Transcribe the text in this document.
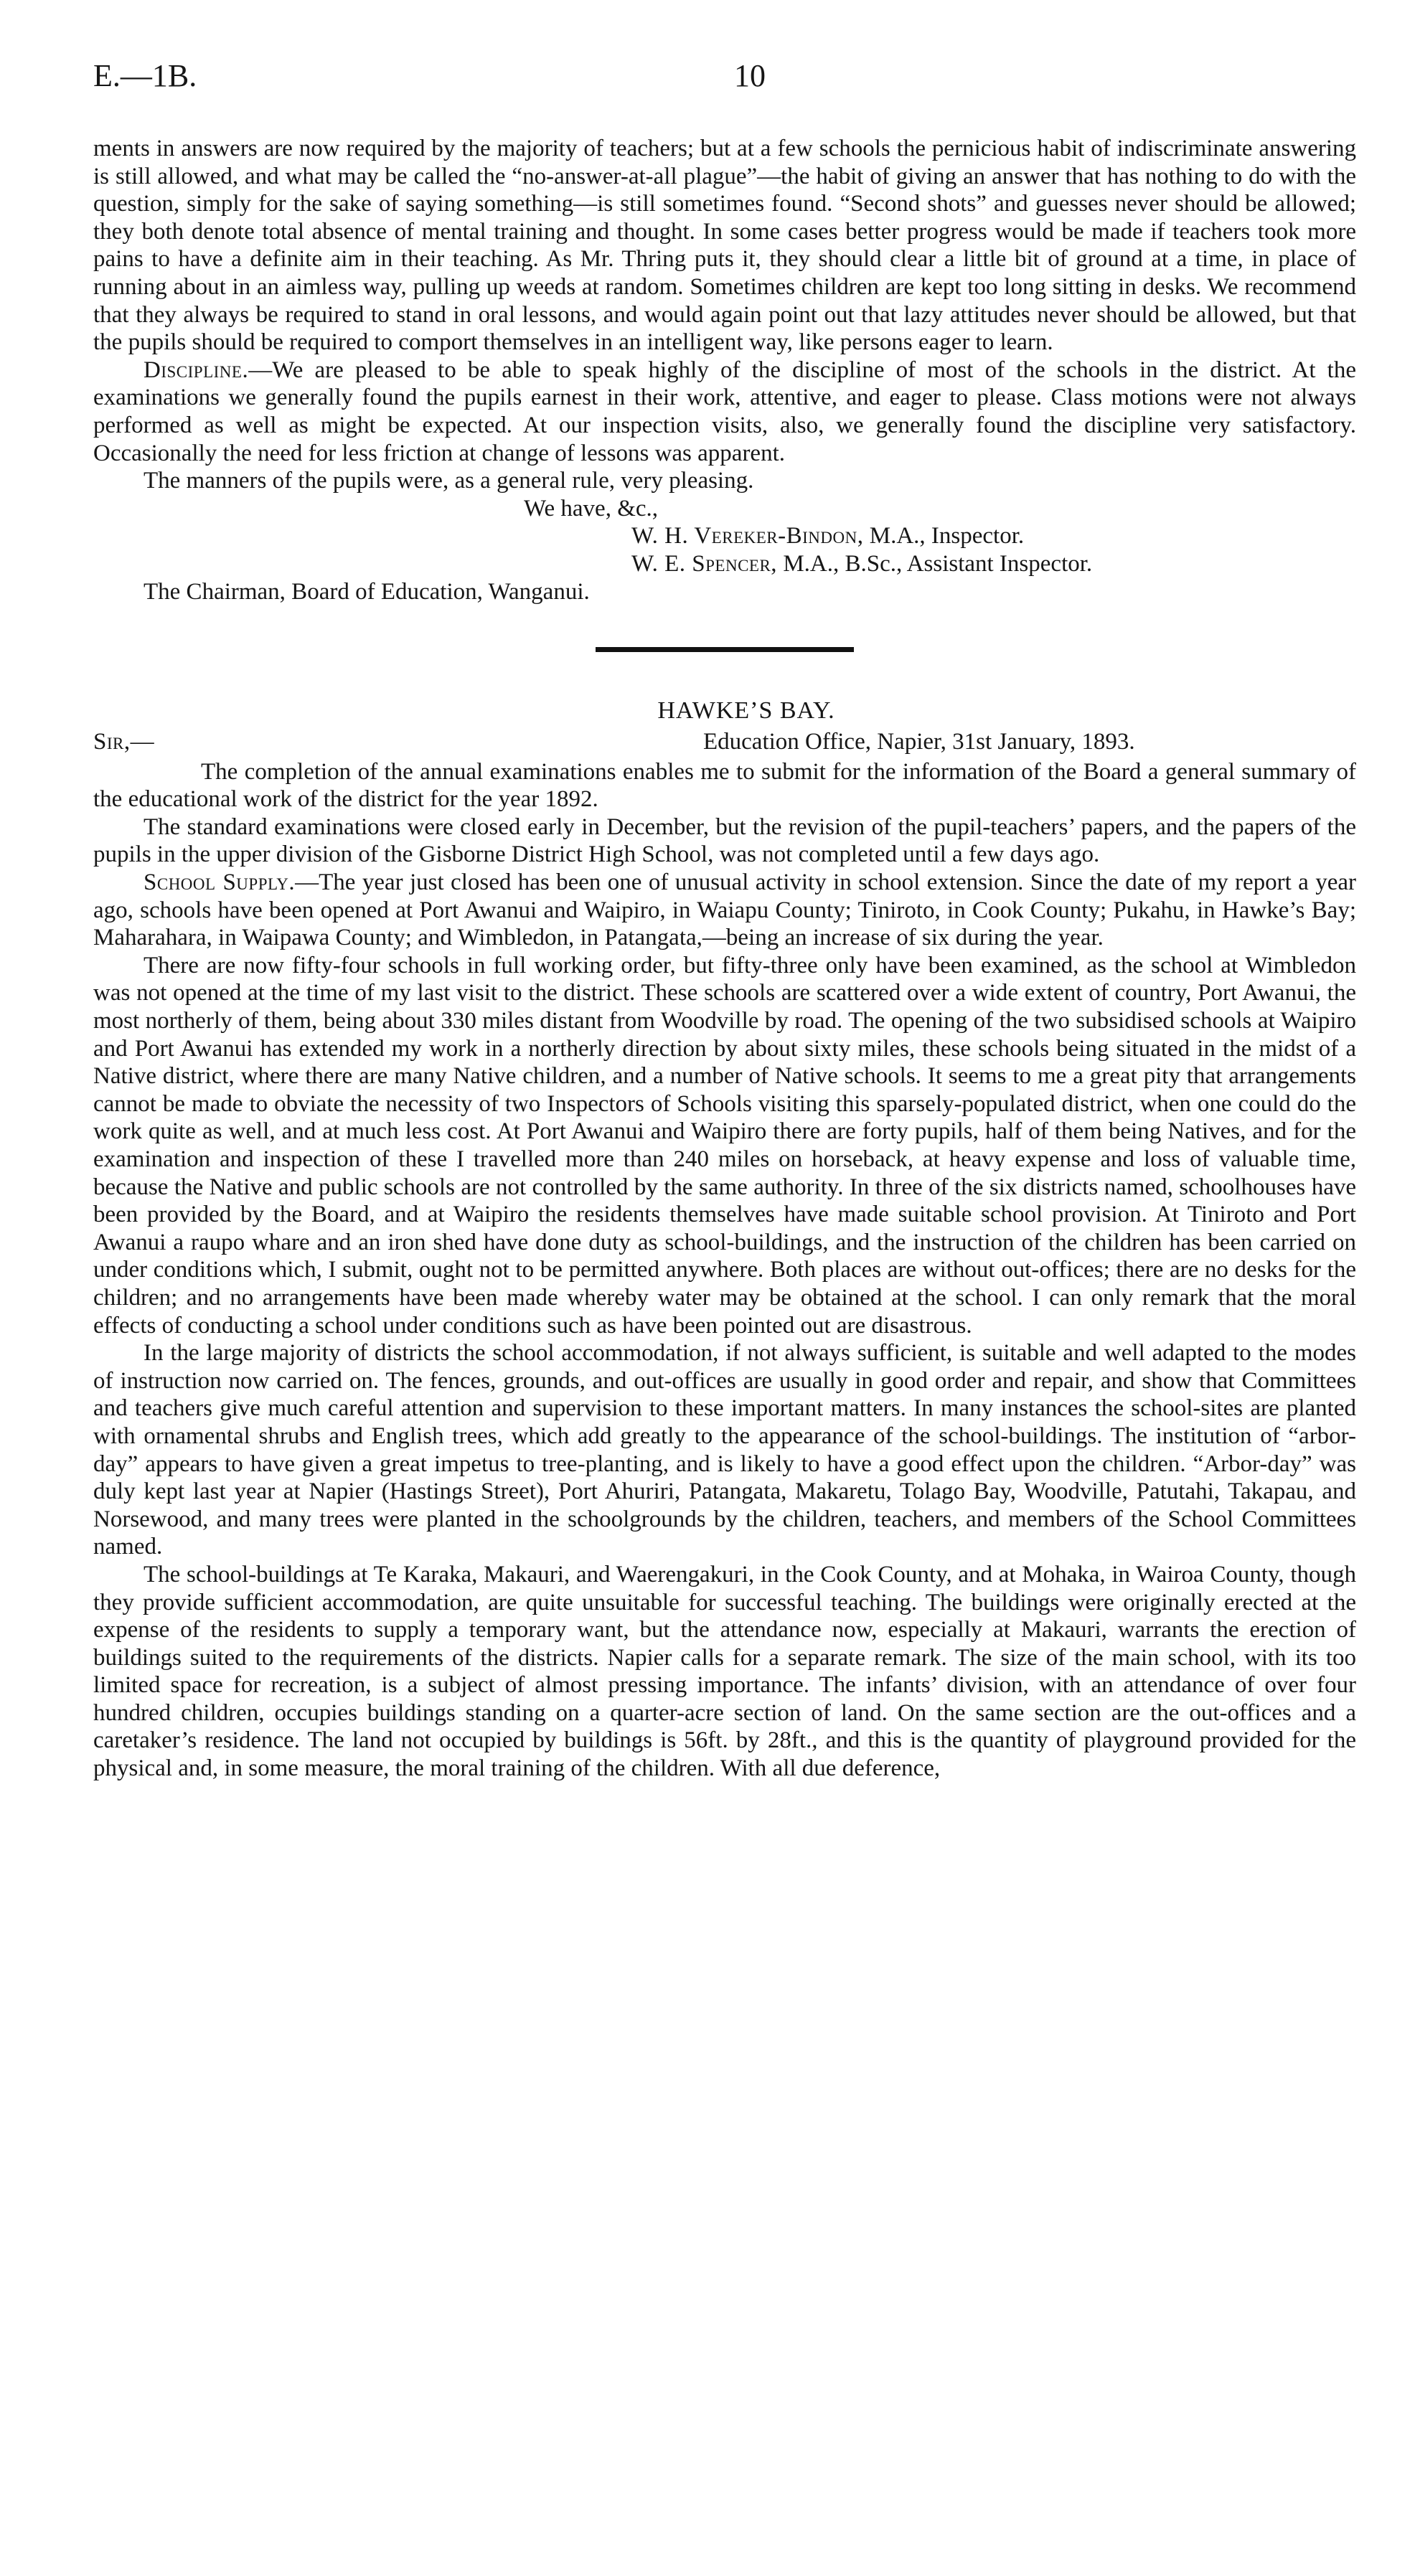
E.—1B.	10

ments in answers are now required by the majority of teachers; but at a few schools the pernicious habit of indiscriminate answering is still allowed, and what may be called the “no-answer-at-all plague”—the habit of giving an answer that has nothing to do with the question, simply for the sake of saying something—is still sometimes found. “Second shots” and guesses never should be allowed; they both denote total absence of mental training and thought. In some cases better progress would be made if teachers took more pains to have a definite aim in their teaching. As Mr. Thring puts it, they should clear a little bit of ground at a time, in place of running about in an aimless way, pulling up weeds at random. Sometimes children are kept too long sitting in desks. We recommend that they always be required to stand in oral lessons, and would again point out that lazy attitudes never should be allowed, but that the pupils should be required to comport themselves in an intelligent way, like persons eager to learn.

Discipline.—We are pleased to be able to speak highly of the discipline of most of the schools in the district. At the examinations we generally found the pupils earnest in their work, attentive, and eager to please. Class motions were not always performed as well as might be expected. At our inspection visits, also, we generally found the discipline very satisfactory. Occasionally the need for less friction at change of lessons was apparent.

The manners of the pupils were, as a general rule, very pleasing.

We have, &c.,

W. H. Vereker-Bindon, M.A., Inspector.

W. E. Spencer, M.A., B.Sc., Assistant Inspector.

The Chairman, Board of Education, Wanganui.

HAWKE’S BAY.

Sir,—	Education Office, Napier, 31st January, 1893.

The completion of the annual examinations enables me to submit for the information of the Board a general summary of the educational work of the district for the year 1892.

The standard examinations were closed early in December, but the revision of the pupil-teachers’ papers, and the papers of the pupils in the upper division of the Gisborne District High School, was not completed until a few days ago.

School Supply.—The year just closed has been one of unusual activity in school extension. Since the date of my report a year ago, schools have been opened at Port Awanui and Waipiro, in Waiapu County; Tiniroto, in Cook County; Pukahu, in Hawke’s Bay; Maharahara, in Waipawa County; and Wimbledon, in Patangata,—being an increase of six during the year.

There are now fifty-four schools in full working order, but fifty-three only have been examined, as the school at Wimbledon was not opened at the time of my last visit to the district. These schools are scattered over a wide extent of country, Port Awanui, the most northerly of them, being about 330 miles distant from Woodville by road. The opening of the two subsidised schools at Waipiro and Port Awanui has extended my work in a northerly direction by about sixty miles, these schools being situated in the midst of a Native district, where there are many Native children, and a number of Native schools. It seems to me a great pity that arrangements cannot be made to obviate the necessity of two Inspectors of Schools visiting this sparsely-populated district, when one could do the work quite as well, and at much less cost. At Port Awanui and Waipiro there are forty pupils, half of them being Natives, and for the examination and inspection of these I travelled more than 240 miles on horseback, at heavy expense and loss of valuable time, because the Native and public schools are not controlled by the same authority. In three of the six districts named, schoolhouses have been provided by the Board, and at Waipiro the residents themselves have made suitable school provision. At Tiniroto and Port Awanui a raupo whare and an iron shed have done duty as school-buildings, and the instruction of the children has been carried on under conditions which, I submit, ought not to be permitted anywhere. Both places are without out-offices; there are no desks for the children; and no arrangements have been made whereby water may be obtained at the school. I can only remark that the moral effects of conducting a school under conditions such as have been pointed out are disastrous.

In the large majority of districts the school accommodation, if not always sufficient, is suitable and well adapted to the modes of instruction now carried on. The fences, grounds, and out-offices are usually in good order and repair, and show that Committees and teachers give much careful attention and supervision to these important matters. In many instances the school-sites are planted with ornamental shrubs and English trees, which add greatly to the appearance of the school-buildings. The institution of “arbor-day” appears to have given a great impetus to tree-planting, and is likely to have a good effect upon the children. “Arbor-day” was duly kept last year at Napier (Hastings Street), Port Ahuriri, Patangata, Makaretu, Tolago Bay, Woodville, Patutahi, Takapau, and Norsewood, and many trees were planted in the schoolgrounds by the children, teachers, and members of the School Committees named.

The school-buildings at Te Karaka, Makauri, and Waerengakuri, in the Cook County, and at Mohaka, in Wairoa County, though they provide sufficient accommodation, are quite unsuitable for successful teaching. The buildings were originally erected at the expense of the residents to supply a temporary want, but the attendance now, especially at Makauri, warrants the erection of buildings suited to the requirements of the districts. Napier calls for a separate remark. The size of the main school, with its too limited space for recreation, is a subject of almost pressing importance. The infants’ division, with an attendance of over four hundred children, occupies buildings standing on a quarter-acre section of land. On the same section are the out-offices and a caretaker’s residence. The land not occupied by buildings is 56ft. by 28ft., and this is the quantity of playground provided for the physical and, in some measure, the moral training of the children. With all due deference,
